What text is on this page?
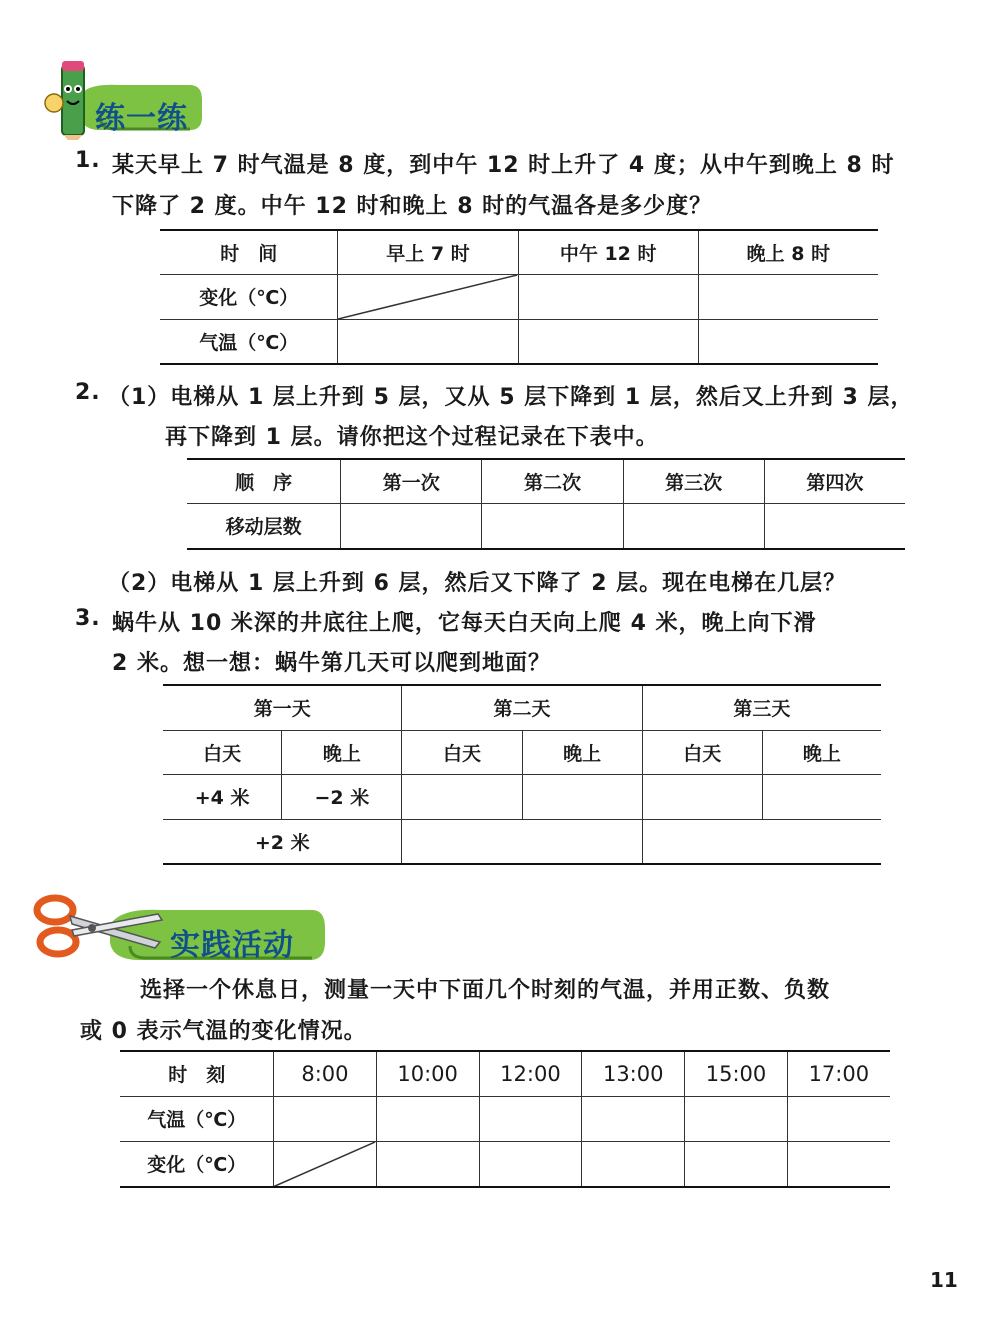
练一练
1. 某天早上 7 时气温是 8 度，到中午 12 时上升了 4 度；从中午到晚上 8 时
下降了 2 度。中午 12 时和晚上 8 时的气温各是多少度？
时　间	早上 7 时	中午 12 时	晚上 8 时
变化（℃）	

气温（℃）			
2. （1）电梯从 1 层上升到 5 层，又从 5 层下降到 1 层，然后又上升到 3 层，
再下降到 1 层。请你把这个过程记录在下表中。
顺　序	第一次	第二次	第三次	第四次
移动层数				
（2）电梯从 1 层上升到 6 层，然后又下降了 2 层。现在电梯在几层？
3. 蜗牛从 10 米深的井底往上爬，它每天白天向上爬 4 米，晚上向下滑
2 米。想一想：蜗牛第几天可以爬到地面？
第一天		第二天		第三天	
白天	晚上	白天	晚上	白天	晚上
+4 米	−2 米				
+2 米					
实践活动
选择一个休息日，测量一天中下面几个时刻的气温，并用正数、负数
或 0 表示气温的变化情况。
时　刻	8:00	10:00	12:00	13:00	15:00	17:00
气温（℃）						
变化（℃）	

11
